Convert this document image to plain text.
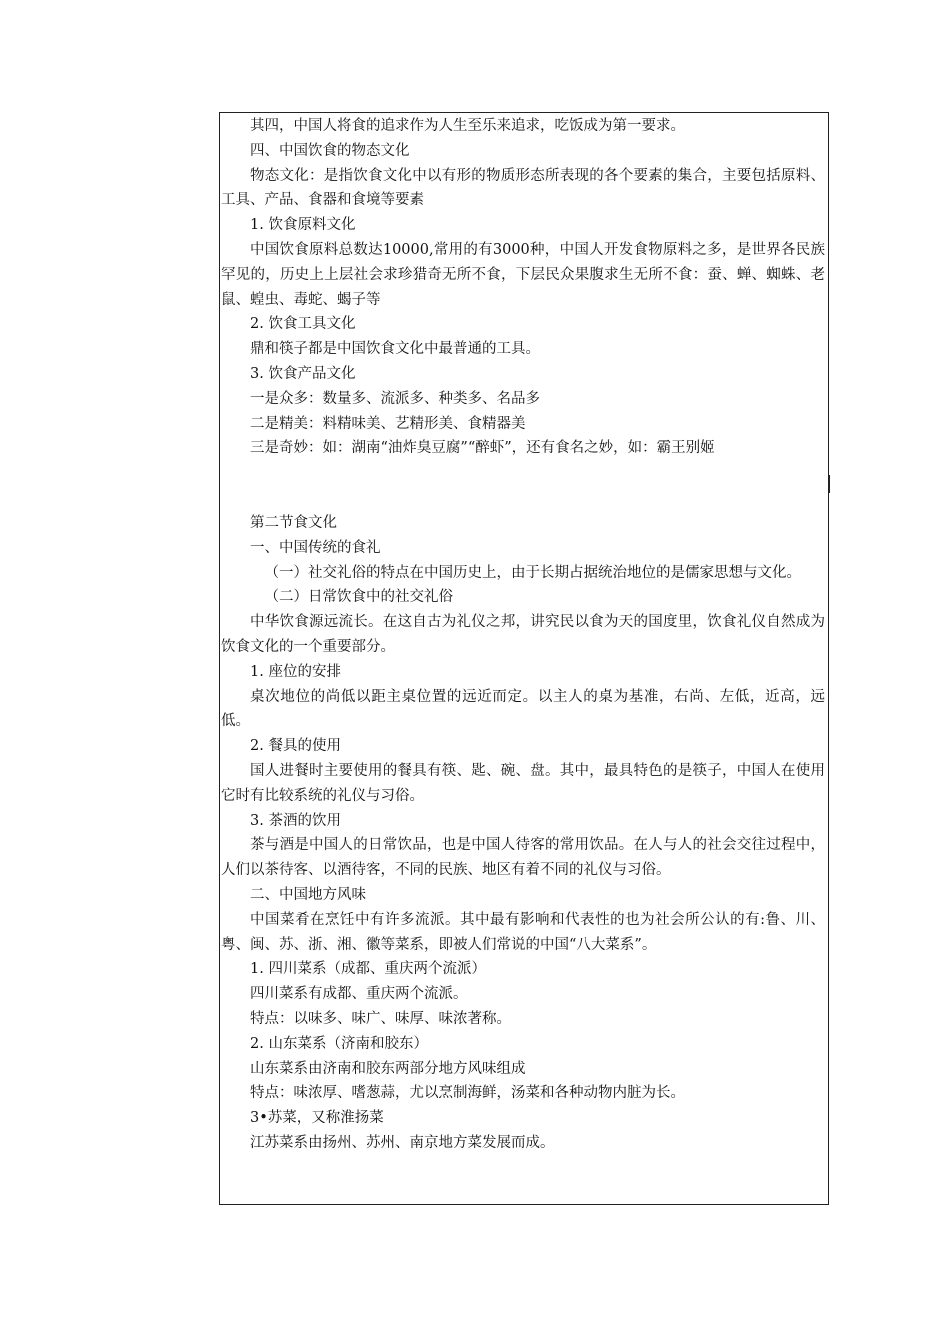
其四，中国人将食的追求作为人生至乐来追求，吃饭成为第一要求。

四、中国饮食的物态文化

物态文化：是指饮食文化中以有形的物质形态所表现的各个要素的集合，主要包括原料、工具、产品、食器和食境等要素

1. 饮食原料文化

中国饮食原料总数达10000,常用的有3000种，中国人开发食物原料之多，是世界各民族罕见的，历史上上层社会求珍猎奇无所不食，下层民众果腹求生无所不食：蚕、蝉、蜘蛛、老鼠、蝗虫、毒蛇、蝎子等

2. 饮食工具文化

鼎和筷子都是中国饮食文化中最普通的工具。

3. 饮食产品文化

一是众多：数量多、流派多、种类多、名品多

二是精美：料精味美、艺精形美、食精器美

三是奇妙：如：湖南“油炸臭豆腐”“醉虾”，还有食名之妙，如：霸王别姬

第二节食文化

一、中国传统的食礼

（一）社交礼俗的特点在中国历史上，由于长期占据统治地位的是儒家思想与文化。

（二）日常饮食中的社交礼俗

中华饮食源远流长。在这自古为礼仪之邦，讲究民以食为天的国度里，饮食礼仪自然成为饮食文化的一个重要部分。

1. 座位的安排

桌次地位的尚低以距主桌位置的远近而定。以主人的桌为基准，右尚、左低，近高，远低。

2. 餐具的使用

国人进餐时主要使用的餐具有筷、匙、碗、盘。其中，最具特色的是筷子，中国人在使用它时有比较系统的礼仪与习俗。

3. 茶酒的饮用

茶与酒是中国人的日常饮品，也是中国人待客的常用饮品。在人与人的社会交往过程中，人们以茶待客、以酒待客，不同的民族、地区有着不同的礼仪与习俗。

二、中国地方风味

中国菜肴在烹饪中有许多流派。其中最有影响和代表性的也为社会所公认的有:鲁、川、粤、闽、苏、浙、湘、徽等菜系，即被人们常说的中国“八大菜系”。

1. 四川菜系（成都、重庆两个流派）

四川菜系有成都、重庆两个流派。

特点：以味多、味广、味厚、味浓著称。

2. 山东菜系（济南和胶东）

山东菜系由济南和胶东两部分地方风味组成

特点：味浓厚、嗜葱蒜，尤以烹制海鲜，汤菜和各种动物内脏为长。

3•苏菜，又称淮扬菜

江苏菜系由扬州、苏州、南京地方菜发展而成。
